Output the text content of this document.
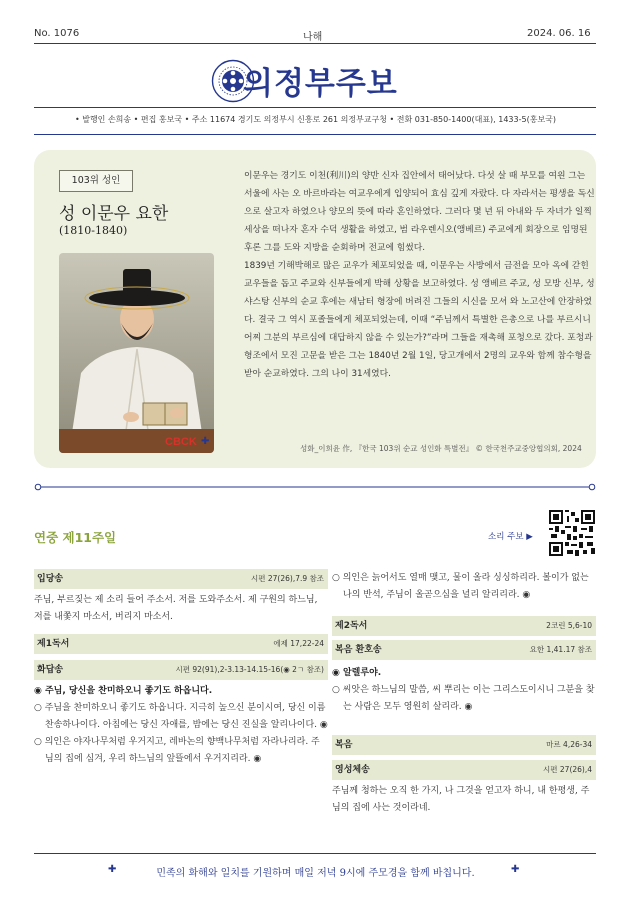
No. 1076	나해	2024. 06. 16
의정부주보
• 발행인 손희송 • 편집 홍보국 • 주소 11674 경기도 의정부시 신흥로 261 의정부교구청 • 전화 031-850-1400(대표), 1433-5(홍보국)
103위 성인
성 이문우 요한
(1810-1840)
CBCK ✚

이문우는 경기도 이천(利川)의 양반 신자 집안에서 태어났다. 다섯 살 때 부모를 여읜 그는 서울에 사는 오 바르바라는 여교우에게 입양되어 효심 깊게 자랐다. 다 자라서는 평생을 독신으로 살고자 하였으나 양모의 뜻에 따라 혼인하였다. 그러다 몇 년 뒤 아내와 두 자녀가 일찍 세상을 떠나자 혼자 수덕 생활을 하였고, 범 라우렌시오(앵베르) 주교에게 회장으로 임명된 후론 그를 도와 지방을 순회하며 전교에 힘썼다.

1839년 기해박해로 많은 교우가 체포되었을 때, 이문우는 사방에서 금전을 모아 옥에 갇힌 교우들을 돕고 주교와 신부들에게 박해 상황을 보고하였다. 성 앵베르 주교, 성 모방 신부, 성 샤스탕 신부의 순교 후에는 새남터 형장에 버려진 그들의 시신을 모셔 와 노고산에 안장하였다. 결국 그 역시 포졸들에게 체포되었는데, 이때 “주님께서 특별한 은총으로 나를 부르시니 어찌 그분의 부르심에 대답하지 않을 수 있는가?”라며 그들을 재촉해 포청으로 갔다. 포청과 형조에서 모진 고문을 받은 그는 1840년 2월 1일, 당고개에서 2명의 교우와 함께 참수형을 받아 순교하였다. 그의 나이 31세였다.

성화_이희윤 作, 『한국 103위 순교 성인화 특별전』 © 한국천주교중앙협의회, 2024
연중 제11주일	소리 주보 ▶
입당송	시편 27(26),7.9 참조
주님, 부르짖는 제 소리 들어 주소서. 저를 도와주소서. 제 구원의 하느님, 저를 내쫓지 마소서, 버리지 마소서.
제1독서	에제 17,22-24
화답송	시편 92(91),2-3.13-14.15-16(◉ 2ㄱ 참조)

◉ 주님, 당신을 찬미하오니 좋기도 하옵니다.

○ 주님을 찬미하오니 좋기도 하옵니다. 지극히 높으신 분이시여, 당신 이름 찬송하나이다. 아침에는 당신 자애를, 밤에는 당신 진실을 알리나이다. ◉

○ 의인은 야자나무처럼 우거지고, 레바논의 향백나무처럼 자라나리라. 주님의 집에 심겨, 우리 하느님의 앞뜰에서 우거지리라. ◉

○ 의인은 늙어서도 열매 맺고, 물이 올라 싱싱하리라. 볼이가 없는 나의 반석, 주님이 올곧으심을 널리 알리리라. ◉

제2독서	2코린 5,6-10
복음 환호송	요한 1,41.17 참조

◉ 알렐루야.

○ 씨앗은 하느님의 말씀, 씨 뿌리는 이는 그리스도이시니 그분을 찾는 사람은 모두 영원히 살리라. ◉

복음	마르 4,26-34
영성체송	시편 27(26),4
주님께 청하는 오직 한 가지, 나 그것을 얻고자 하니, 내 한평생, 주님의 집에 사는 것이라네.
✚	민족의 화해와 일치를 기원하며 매일 저녁 9시에 주모경을 함께 바칩니다.	✚
